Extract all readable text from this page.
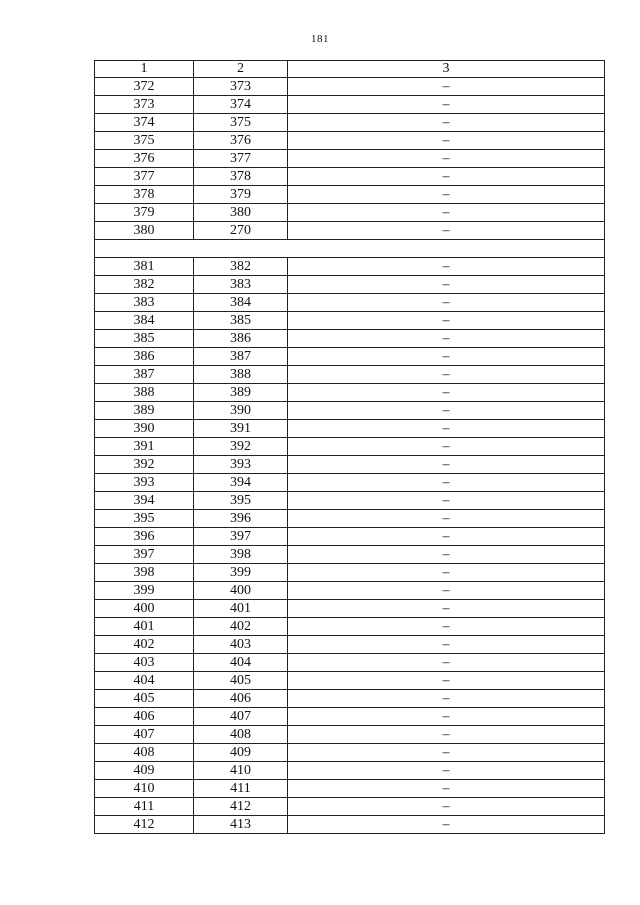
181
1	2	3
372	373	–
373	374	–
374	375	–
375	376	–
376	377	–
377	378	–
378	379	–
379	380	–
380	270	–

381	382	–
382	383	–
383	384	–
384	385	–
385	386	–
386	387	–
387	388	–
388	389	–
389	390	–
390	391	–
391	392	–
392	393	–
393	394	–
394	395	–
395	396	–
396	397	–
397	398	–
398	399	–
399	400	–
400	401	–
401	402	–
402	403	–
403	404	–
404	405	–
405	406	–
406	407	–
407	408	–
408	409	–
409	410	–
410	411	–
411	412	–
412	413	–
